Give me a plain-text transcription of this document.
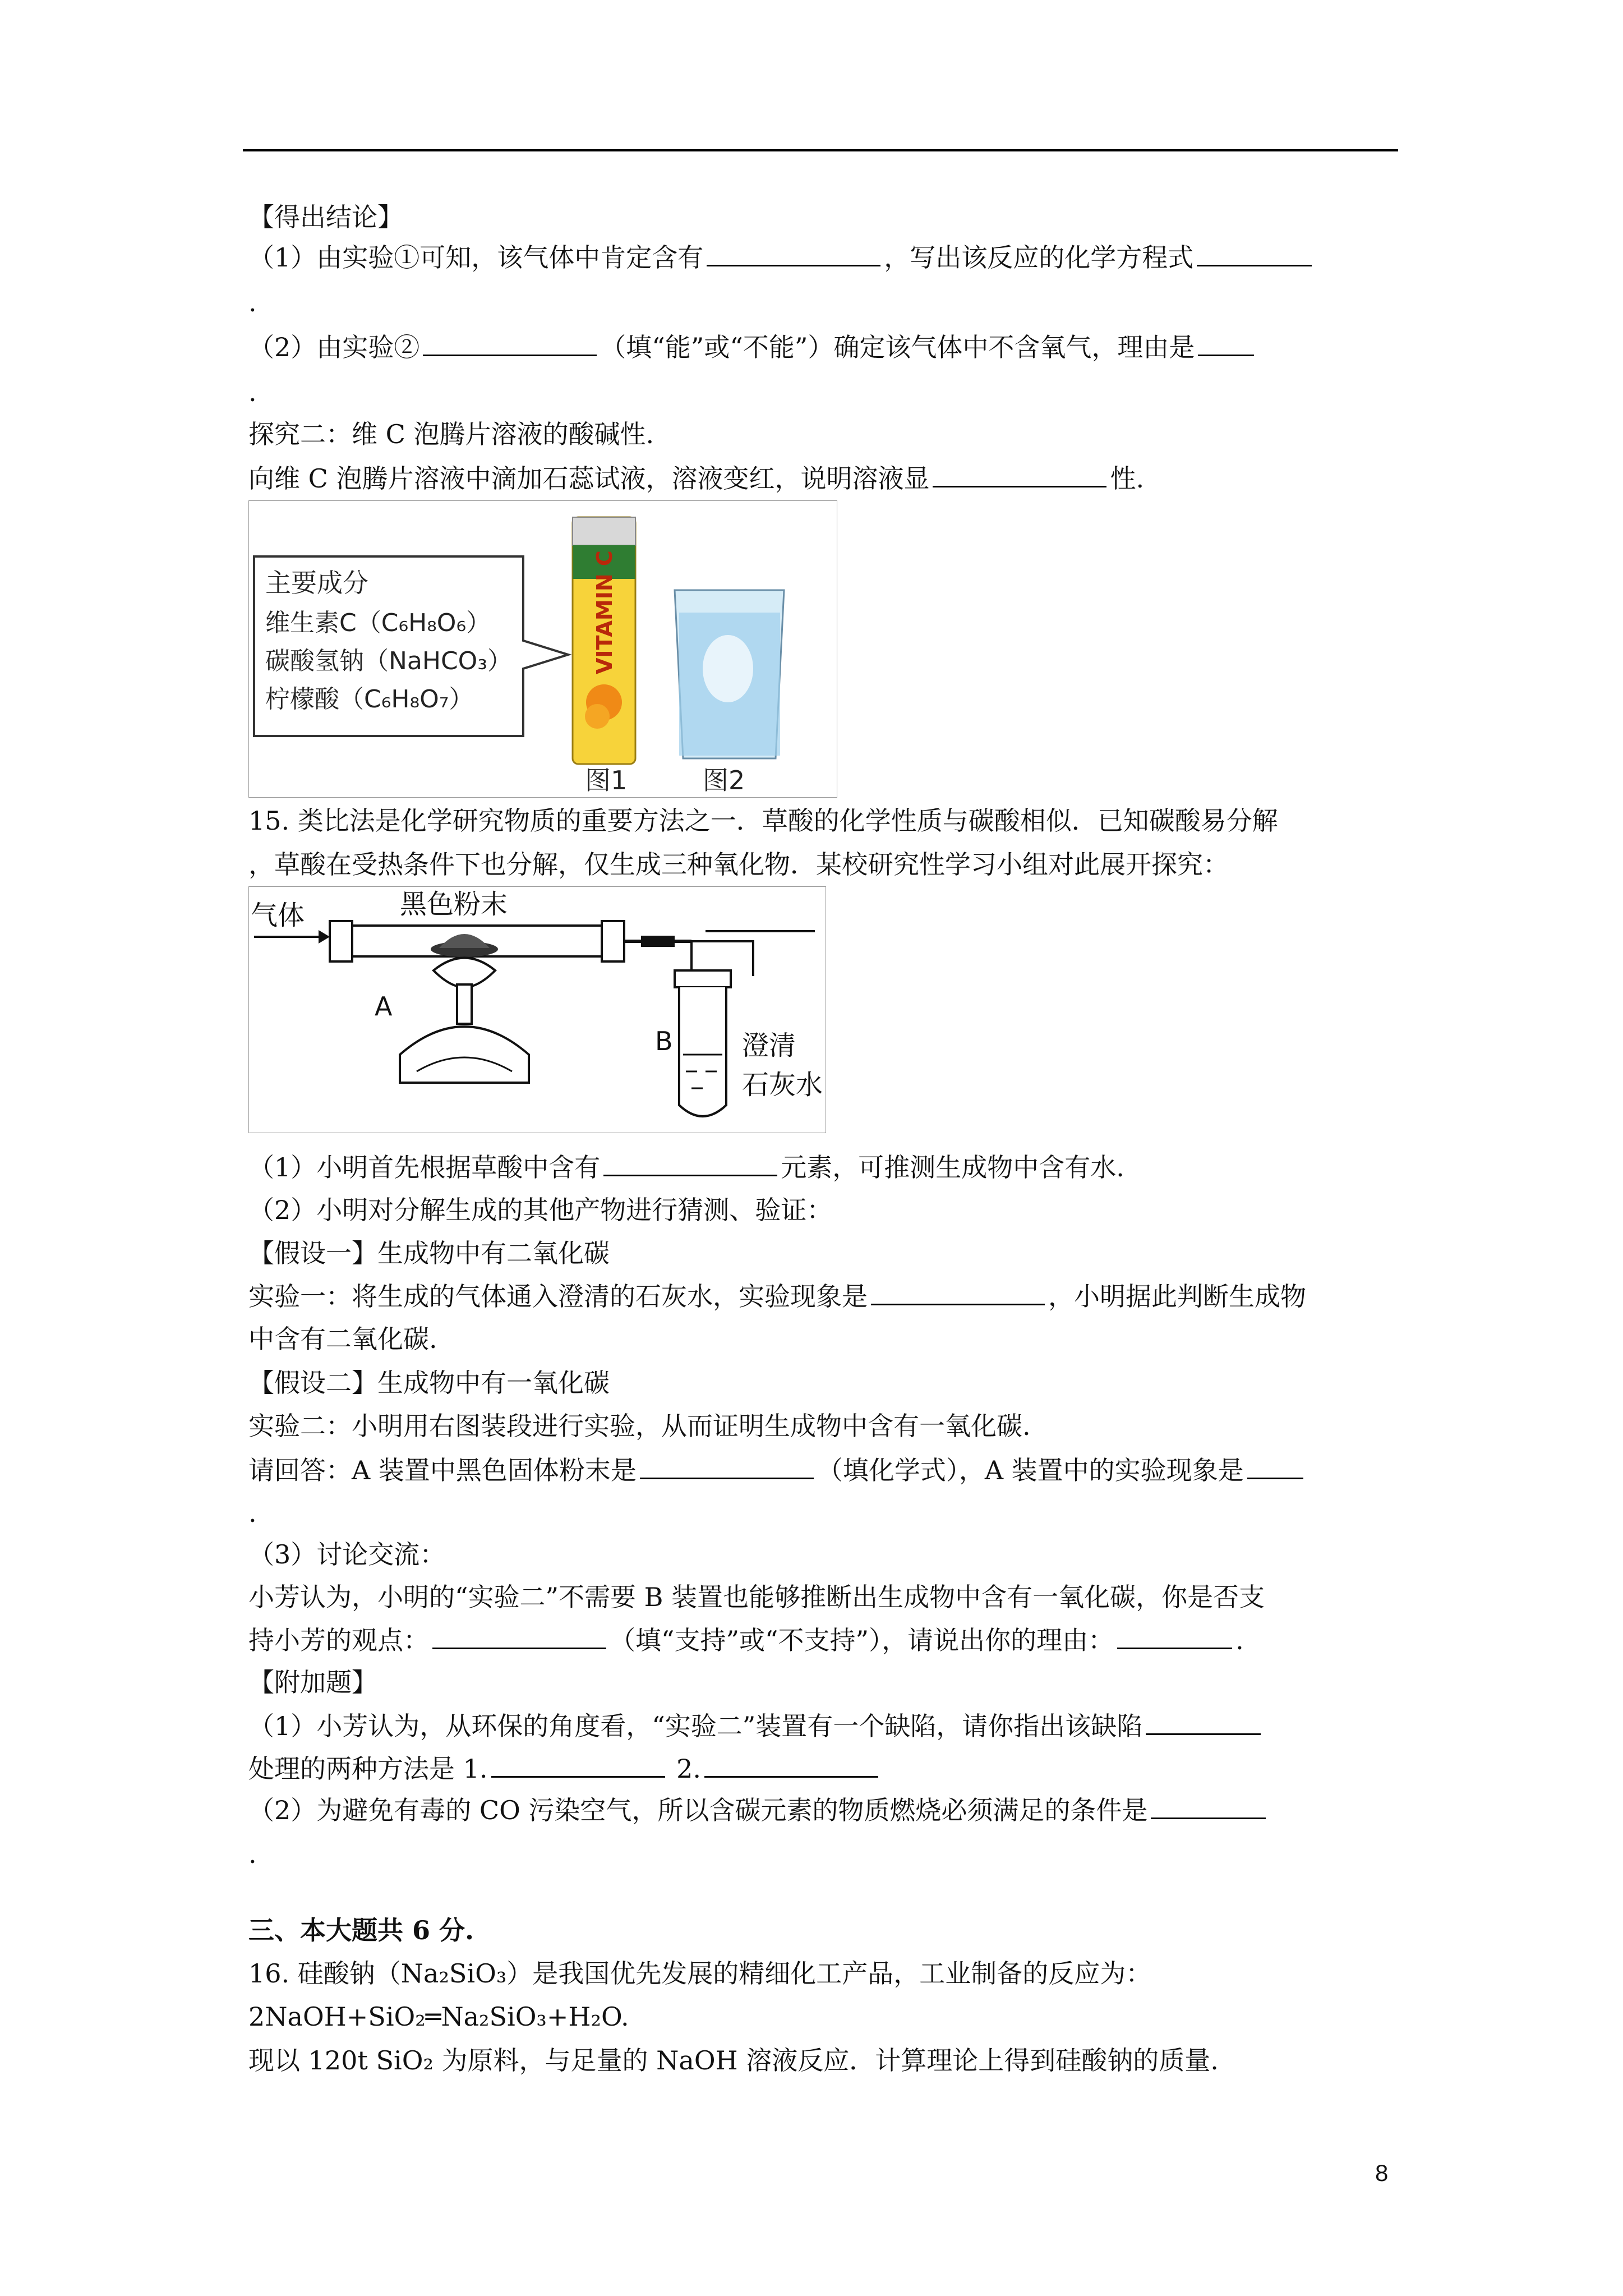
【得出结论】
（1）由实验①可知，该气体中肯定含有	，写出该反应的化学方程式
.
（2）由实验②	（填“能”或“不能”）确定该气体中不含氧气，理由是
.
探究二：维 C 泡腾片溶液的酸碱性.
向维 C 泡腾片溶液中滴加石蕊试液，溶液变红，说明溶液显	性.
主要成分
维生素C（C₆H₈O₆）
碳酸氢钠（NaHCO₃）
柠檬酸（C₆H₈O₇）
VITAMIN C
图1	图2
15. 类比法是化学研究物质的重要方法之一．草酸的化学性质与碳酸相似．已知碳酸易分解
，草酸在受热条件下也分解，仅生成三种氧化物．某校研究性学习小组对此展开探究：
气体	黑色粉末
A
B	澄清
石灰水
（1）小明首先根据草酸中含有	元素，可推测生成物中含有水.
（2）小明对分解生成的其他产物进行猜测、验证：
【假设一】生成物中有二氧化碳
实验一：将生成的气体通入澄清的石灰水，实验现象是	，小明据此判断生成物
中含有二氧化碳.
【假设二】生成物中有一氧化碳
实验二：小明用右图装段进行实验，从而证明生成物中含有一氧化碳.
请回答：A 装置中黑色固体粉末是	（填化学式），A 装置中的实验现象是
.
（3）讨论交流：
小芳认为，小明的“实验二”不需要 B 装置也能够推断出生成物中含有一氧化碳，你是否支
持小芳的观点：	（填“支持”或“不支持”），请说出你的理由：	.
【附加题】
（1）小芳认为，从环保的角度看，“实验二”装置有一个缺陷，请你指出该缺陷
处理的两种方法是 1.	2.
（2）为避免有毒的 CO 污染空气，所以含碳元素的物质燃烧必须满足的条件是
.
三、本大题共 6 分.
16. 硅酸钠（Na₂SiO₃）是我国优先发展的精细化工产品，工业制备的反应为：
2NaOH+SiO₂═Na₂SiO₃+H₂O.
现以 120t SiO₂ 为原料，与足量的 NaOH 溶液反应．计算理论上得到硅酸钠的质量.
8
